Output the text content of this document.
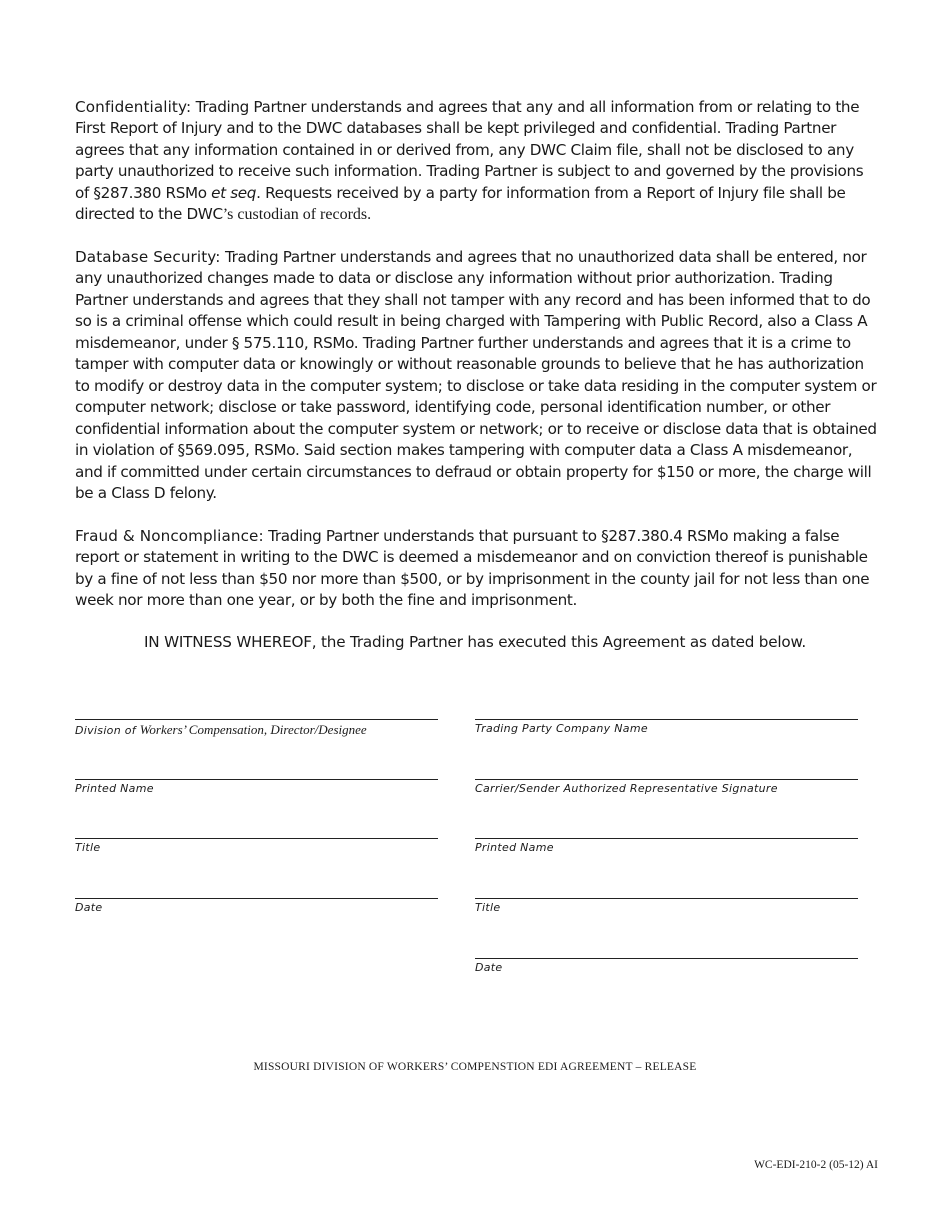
Confidentiality: Trading Partner understands and agrees that any and all information from or relating to the First Report of Injury and to the DWC databases shall be kept privileged and confidential. Trading Partner agrees that any information contained in or derived from, any DWC Claim file, shall not be disclosed to any party unauthorized to receive such information. Trading Partner is subject to and governed by the provisions of §287.380 RSMo et seq. Requests received by a party for information from a Report of Injury file shall be directed to the DWC’s custodian of records.

Database Security: Trading Partner understands and agrees that no unauthorized data shall be entered, nor any unauthorized changes made to data or disclose any information without prior authorization. Trading Partner understands and agrees that they shall not tamper with any record and has been informed that to do so is a criminal offense which could result in being charged with Tampering with Public Record, also a Class A misdemeanor, under § 575.110, RSMo. Trading Partner further understands and agrees that it is a crime to tamper with computer data or knowingly or without reasonable grounds to believe that he has authorization to modify or destroy data in the computer system; to disclose or take data residing in the computer system or computer network; disclose or take password, identifying code, personal identification number, or other confidential information about the computer system or network; or to receive or disclose data that is obtained in violation of §569.095, RSMo. Said section makes tampering with computer data a Class A misdemeanor, and if committed under certain circumstances to defraud or obtain property for $150 or more, the charge will be a Class D felony.

Fraud & Noncompliance: Trading Partner understands that pursuant to §287.380.4 RSMo making a false report or statement in writing to the DWC is deemed a misdemeanor and on conviction thereof is punishable by a fine of not less than $50 nor more than $500, or by imprisonment in the county jail for not less than one week nor more than one year, or by both the fine and imprisonment.

IN WITNESS WHEREOF, the Trading Partner has executed this Agreement as dated below.
Division of Workers’ Compensation, Director/Designee
Printed Name
Title
Date
Trading Party Company Name
Carrier/Sender Authorized Representative Signature
Printed Name
Title
Date
MISSOURI DIVISION OF WORKERS’ COMPENSTION EDI AGREEMENT – RELEASE
WC-EDI-210-2 (05-12) AI
